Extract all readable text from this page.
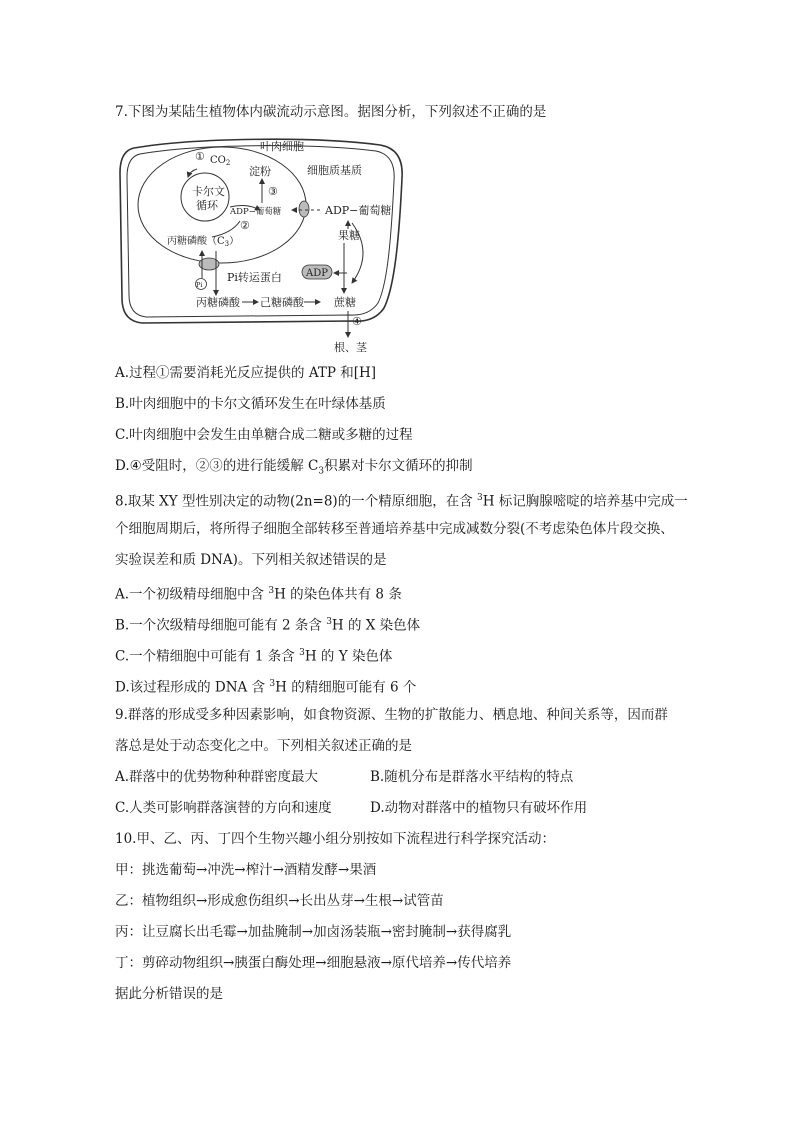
7.下图为某陆生植物体内碳流动示意图。据图分析，下列叙述不正确的是
叶肉细胞
细胞质基质
① $CO_2$
卡尔文
循环
淀粉
③
ADP−葡萄糖
②
ADP−葡萄糖
丙糖磷酸$(C_3)$
Pi
Pi转运蛋白
果糖
ADP
丙糖磷酸 己糖磷酸	蔗糖
④
根、茎
A.过程①需要消耗光反应提供的 ATP 和[H]
B.叶肉细胞中的卡尔文循环发生在叶绿体基质
C.叶肉细胞中会发生由单糖合成二糖或多糖的过程
D.④受阻时，②③的进行能缓解 $C_3$积累对卡尔文循环的抑制
8.取某 XY 型性别决定的动物(2n=8)的一个精原细胞，在含 $^3$H 标记胸腺嘧啶的培养基中完成一
个细胞周期后，将所得子细胞全部转移至普通培养基中完成减数分裂(不考虑染色体片段交换、
实验误差和质 DNA)。下列相关叙述错误的是
A.一个初级精母细胞中含 $^3$H 的染色体共有 8 条
B.一个次级精母细胞可能有 2 条含 $^3$H 的 X 染色体
C.一个精细胞中可能有 1 条含 $^3$H 的 Y 染色体
D.该过程形成的 DNA 含 $^3$H 的精细胞可能有 6 个
9.群落的形成受多种因素影响，如食物资源、生物的扩散能力、栖息地、种间关系等，因而群
落总是处于动态变化之中。下列相关叙述正确的是
A.群落中的优势物种种群密度最大	B.随机分布是群落水平结构的特点
C.人类可影响群落演替的方向和速度	D.动物对群落中的植物只有破坏作用
10.甲、乙、丙、丁四个生物兴趣小组分别按如下流程进行科学探究活动：
甲：挑选葡萄→冲洗→榨汁→酒精发酵→果酒
乙：植物组织→形成愈伤组织→长出丛芽→生根→试管苗
丙：让豆腐长出毛霉→加盐腌制→加卤汤装瓶→密封腌制→获得腐乳
丁：剪碎动物组织→胰蛋白酶处理→细胞悬液→原代培养→传代培养
据此分析错误的是
